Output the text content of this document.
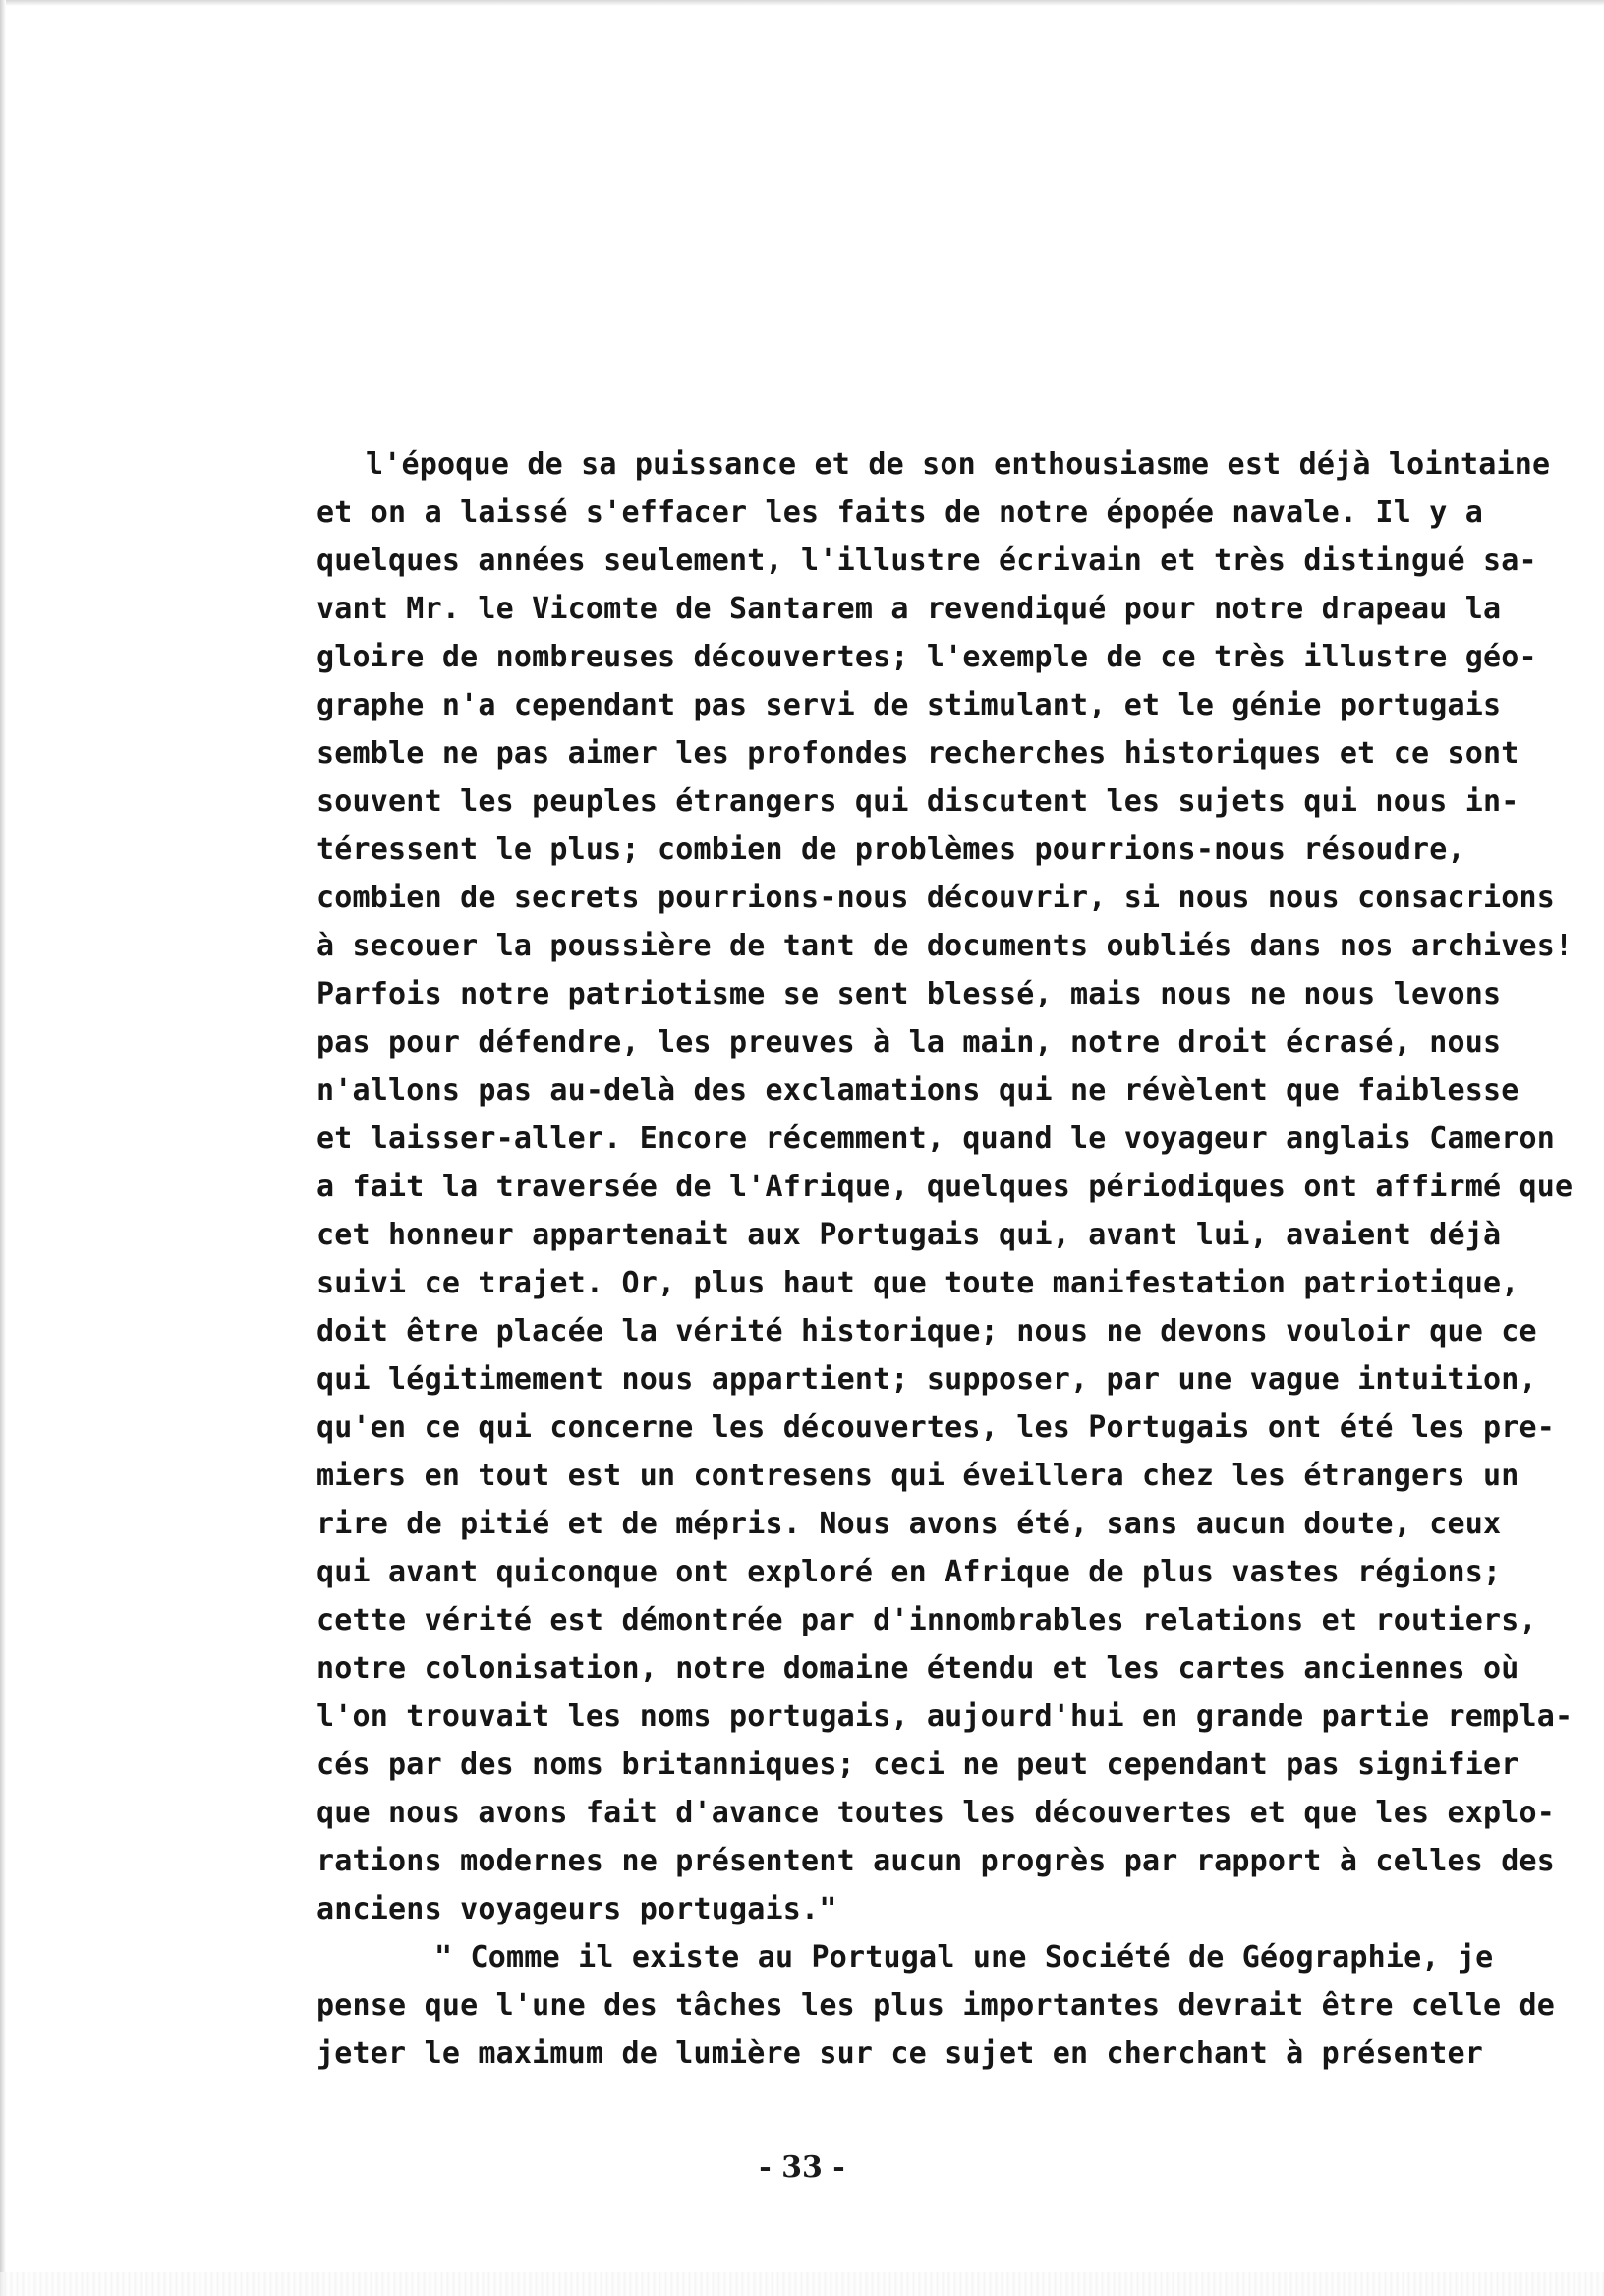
l'époque de sa puissance et de son enthousiasme est déjà lointaine
et on a laissé s'effacer les faits de notre épopée navale. Il y a
quelques années seulement, l'illustre écrivain et très distingué sa-
vant Mr. le Vicomte de Santarem a revendiqué pour notre drapeau la
gloire de nombreuses découvertes; l'exemple de ce très illustre géo-
graphe n'a cependant pas servi de stimulant, et le génie portugais
semble ne pas aimer les profondes recherches historiques et ce sont
souvent les peuples étrangers qui discutent les sujets qui nous in-
téressent le plus; combien de problèmes pourrions-nous résoudre,
combien de secrets pourrions-nous découvrir, si nous nous consacrions
à secouer la poussière de tant de documents oubliés dans nos archives!
Parfois notre patriotisme se sent blessé, mais nous ne nous levons
pas pour défendre, les preuves à la main, notre droit écrasé, nous
n'allons pas au-delà des exclamations qui ne révèlent que faiblesse
et laisser-aller. Encore récemment, quand le voyageur anglais Cameron
a fait la traversée de l'Afrique, quelques périodiques ont affirmé que
cet honneur appartenait aux Portugais qui, avant lui, avaient déjà
suivi ce trajet. Or, plus haut que toute manifestation patriotique,
doit être placée la vérité historique; nous ne devons vouloir que ce
qui légitimement nous appartient; supposer, par une vague intuition,
qu'en ce qui concerne les découvertes, les Portugais ont été les pre-
miers en tout est un contresens qui éveillera chez les étrangers un
rire de pitié et de mépris. Nous avons été, sans aucun doute, ceux
qui avant quiconque ont exploré en Afrique de plus vastes régions;
cette vérité est démontrée par d'innombrables relations et routiers,
notre colonisation, notre domaine étendu et les cartes anciennes où
l'on trouvait les noms portugais, aujourd'hui en grande partie rempla-
cés par des noms britanniques; ceci ne peut cependant pas signifier
que nous avons fait d'avance toutes les découvertes et que les explo-
rations modernes ne présentent aucun progrès par rapport à celles des
anciens voyageurs portugais."
" Comme il existe au Portugal une Société de Géographie, je
pense que l'une des tâches les plus importantes devrait être celle de
jeter le maximum de lumière sur ce sujet en cherchant à présenter
- 33 -
